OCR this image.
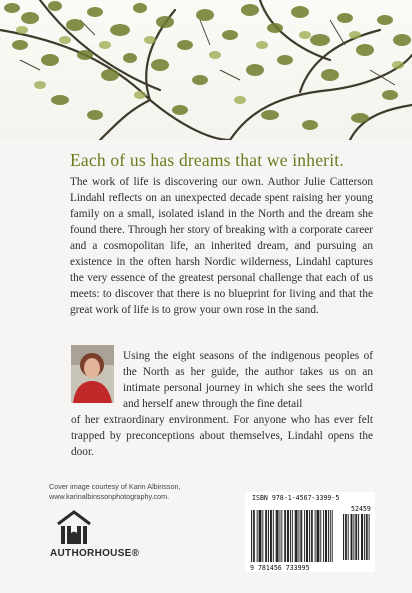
Each of us has dreams that we inherit.
The work of life is discovering our own. Author Julie Catterson Lindahl reflects on an unexpected decade spent raising her young family on a small, isolated island in the North and the dream she found there. Through her story of breaking with a corporate career and a cosmopolitan life, an inherited dream, and pursuing an existence in the often harsh Nordic wilderness, Lindahl captures the very essence of the greatest personal challenge that each of us meets: to discover that there is no blueprint for living and that the great work of life is to grow your own rose in the sand.
Using the eight seasons of the indigenous peoples of the North as her guide, the author takes us on an intimate personal journey in which she sees the world and herself anew through the fine detail
of her extraordinary environment. For anyone who has ever felt trapped by preconceptions about themselves, Lindahl opens the door.
Cover image courtesy of Karin Albinsson,
www.karinalbinssonphotography.com.
AUTHORHOUSE®
ISBN 978-1-4567-3399-5
52459
9 781456 733995
